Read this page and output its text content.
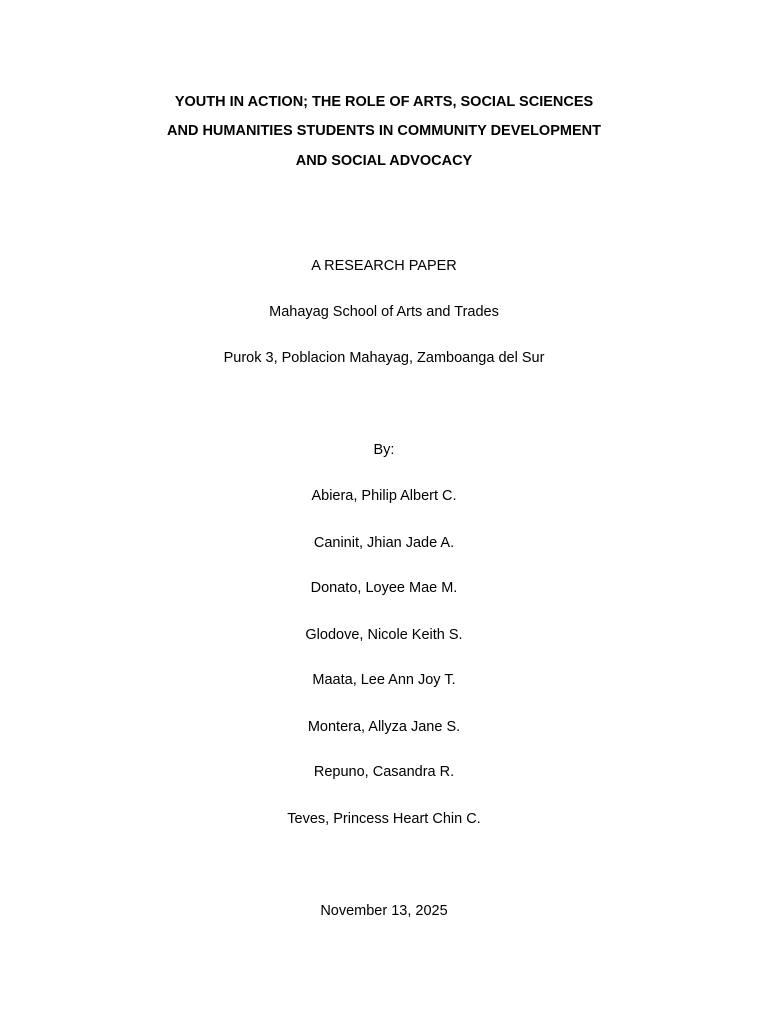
YOUTH IN ACTION; THE ROLE OF ARTS, SOCIAL SCIENCES
AND HUMANITIES STUDENTS IN COMMUNITY DEVELOPMENT
AND SOCIAL ADVOCACY
A RESEARCH PAPER
Mahayag School of Arts and Trades
Purok 3, Poblacion Mahayag, Zamboanga del Sur
By:
Abiera, Philip Albert C.
Caninit, Jhian Jade A.
Donato, Loyee Mae M.
Glodove, Nicole Keith S.
Maata, Lee Ann Joy T.
Montera, Allyza Jane S.
Repuno, Casandra R.
Teves, Princess Heart Chin C.
November 13, 2025
